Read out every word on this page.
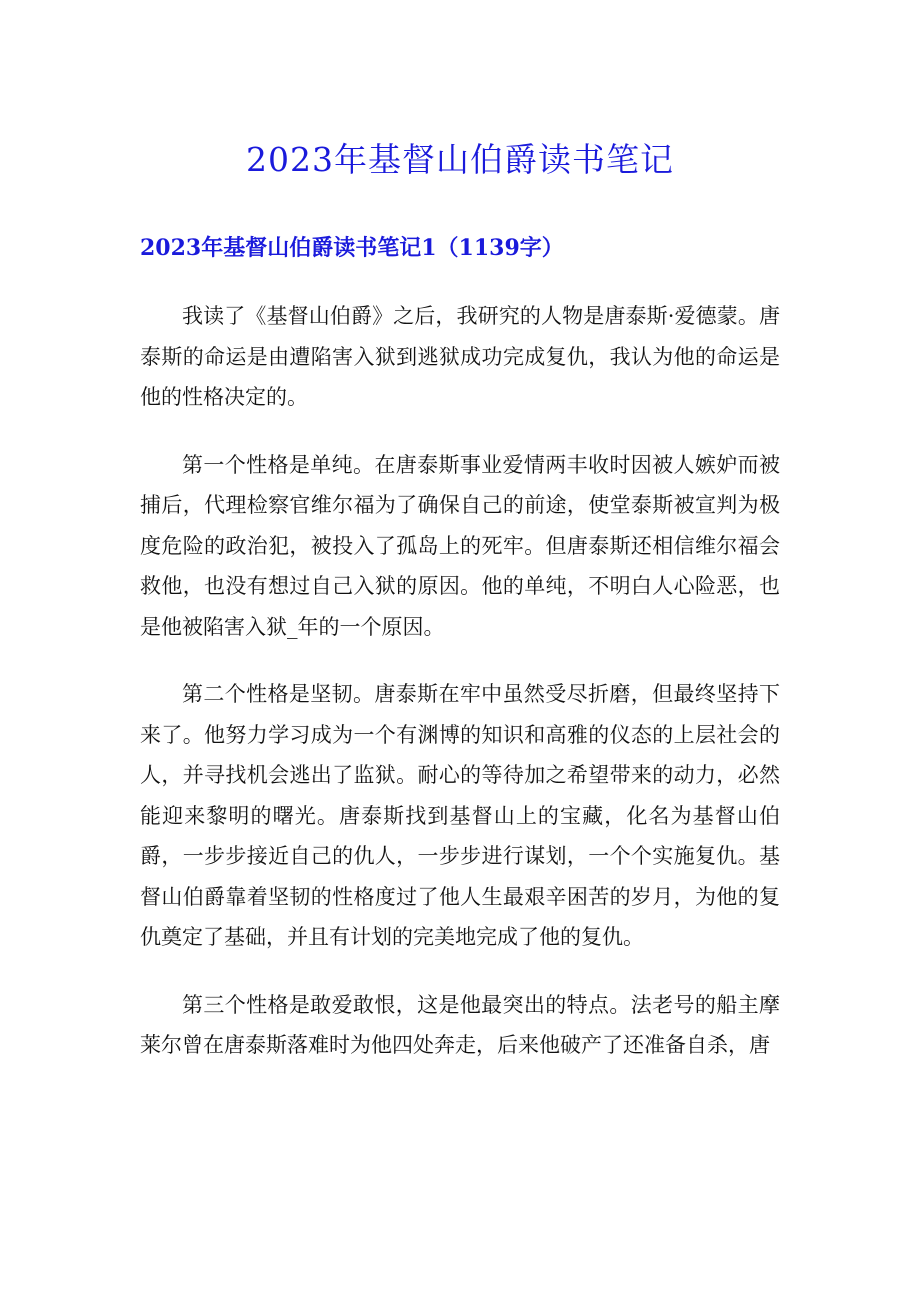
2023年基督山伯爵读书笔记
2023年基督山伯爵读书笔记1（1139字）

我读了《基督山伯爵》之后，我研究的人物是唐泰斯·爱德蒙。唐泰斯的命运是由遭陷害入狱到逃狱成功完成复仇，我认为他的命运是他的性格决定的。

第一个性格是单纯。在唐泰斯事业爱情两丰收时因被人嫉妒而被捕后，代理检察官维尔福为了确保自己的前途，使堂泰斯被宣判为极度危险的政治犯，被投入了孤岛上的死牢。但唐泰斯还相信维尔福会救他，也没有想过自己入狱的原因。他的单纯，不明白人心险恶，也是他被陷害入狱_年的一个原因。

第二个性格是坚韧。唐泰斯在牢中虽然受尽折磨，但最终坚持下来了。他努力学习成为一个有渊博的知识和高雅的仪态的上层社会的人，并寻找机会逃出了监狱。耐心的等待加之希望带来的动力，必然能迎来黎明的曙光。唐泰斯找到基督山上的宝藏，化名为基督山伯爵，一步步接近自己的仇人，一步步进行谋划，一个个实施复仇。基督山伯爵靠着坚韧的性格度过了他人生最艰辛困苦的岁月，为他的复仇奠定了基础，并且有计划的完美地完成了他的复仇。

第三个性格是敢爱敢恨，这是他最突出的特点。法老号的船主摩莱尔曾在唐泰斯落难时为他四处奔走，后来他破产了还准备自杀，唐
